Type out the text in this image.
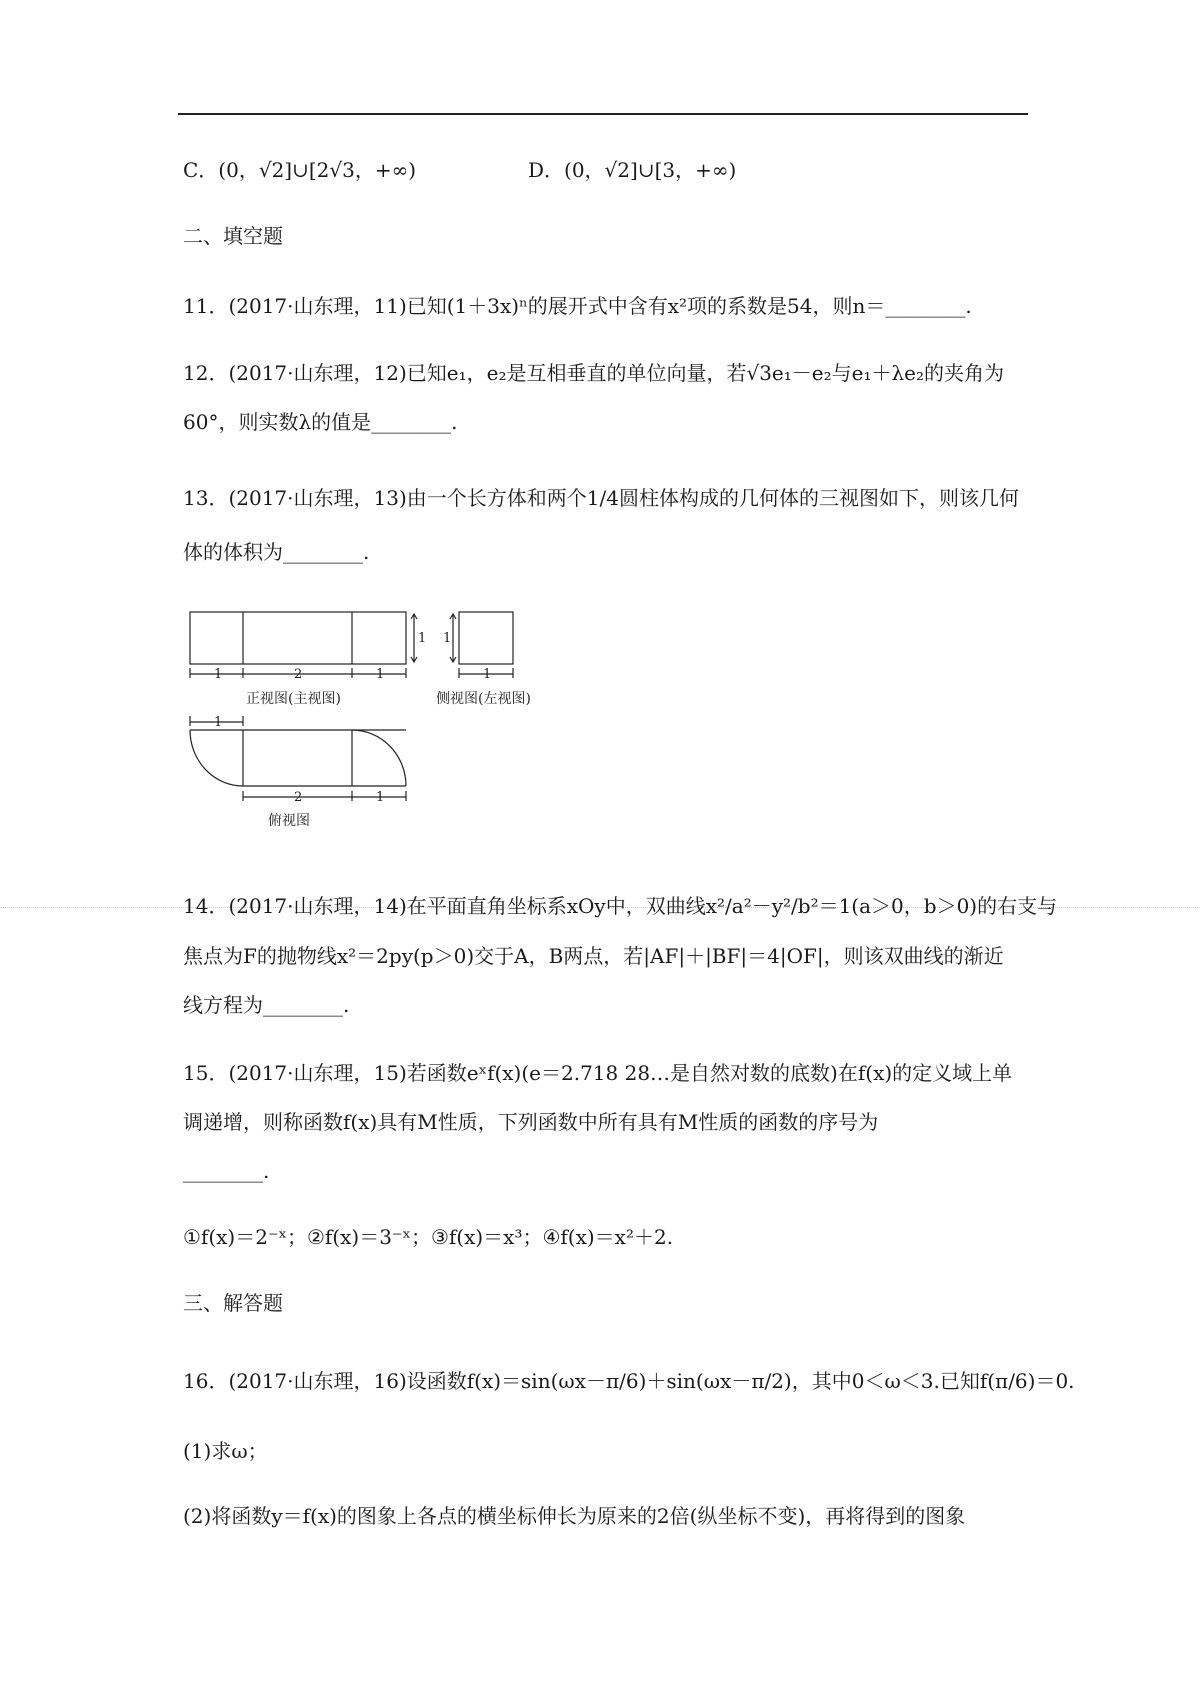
C．(0，√2]∪[2√3，+∞)	D．(0，√2]∪[3，+∞)
二、填空题
11．(2017·山东理，11)已知(1＋3x)ⁿ的展开式中含有x²项的系数是54，则n＝________.
12．(2017·山东理，12)已知e₁，e₂是互相垂直的单位向量，若√3e₁－e₂与e₁＋λe₂的夹角为
60°，则实数λ的值是________.
13．(2017·山东理，13)由一个长方体和两个1/4圆柱体构成的几何体的三视图如下，则该几何
体的体积为________.
1	2	1
1
1
1
1
2	1
正视图(主视图)	侧视图(左视图)
俯视图
14．(2017·山东理，14)在平面直角坐标系xOy中，双曲线x²/a²－y²/b²＝1(a＞0，b＞0)的右支与
焦点为F的抛物线x²＝2py(p＞0)交于A，B两点，若|AF|＋|BF|＝4|OF|，则该双曲线的渐近
线方程为________.
15．(2017·山东理，15)若函数eˣf(x)(e＝2.718 28…是自然对数的底数)在f(x)的定义域上单
调递增，则称函数f(x)具有M性质，下列函数中所有具有M性质的函数的序号为
________.
①f(x)＝2⁻ˣ；②f(x)＝3⁻ˣ；③f(x)＝x³；④f(x)＝x²＋2.
三、解答题
16．(2017·山东理，16)设函数f(x)＝sin(ωx－π/6)＋sin(ωx－π/2)，其中0＜ω＜3.已知f(π/6)＝0.
(1)求ω；
(2)将函数y＝f(x)的图象上各点的横坐标伸长为原来的2倍(纵坐标不变)，再将得到的图象
